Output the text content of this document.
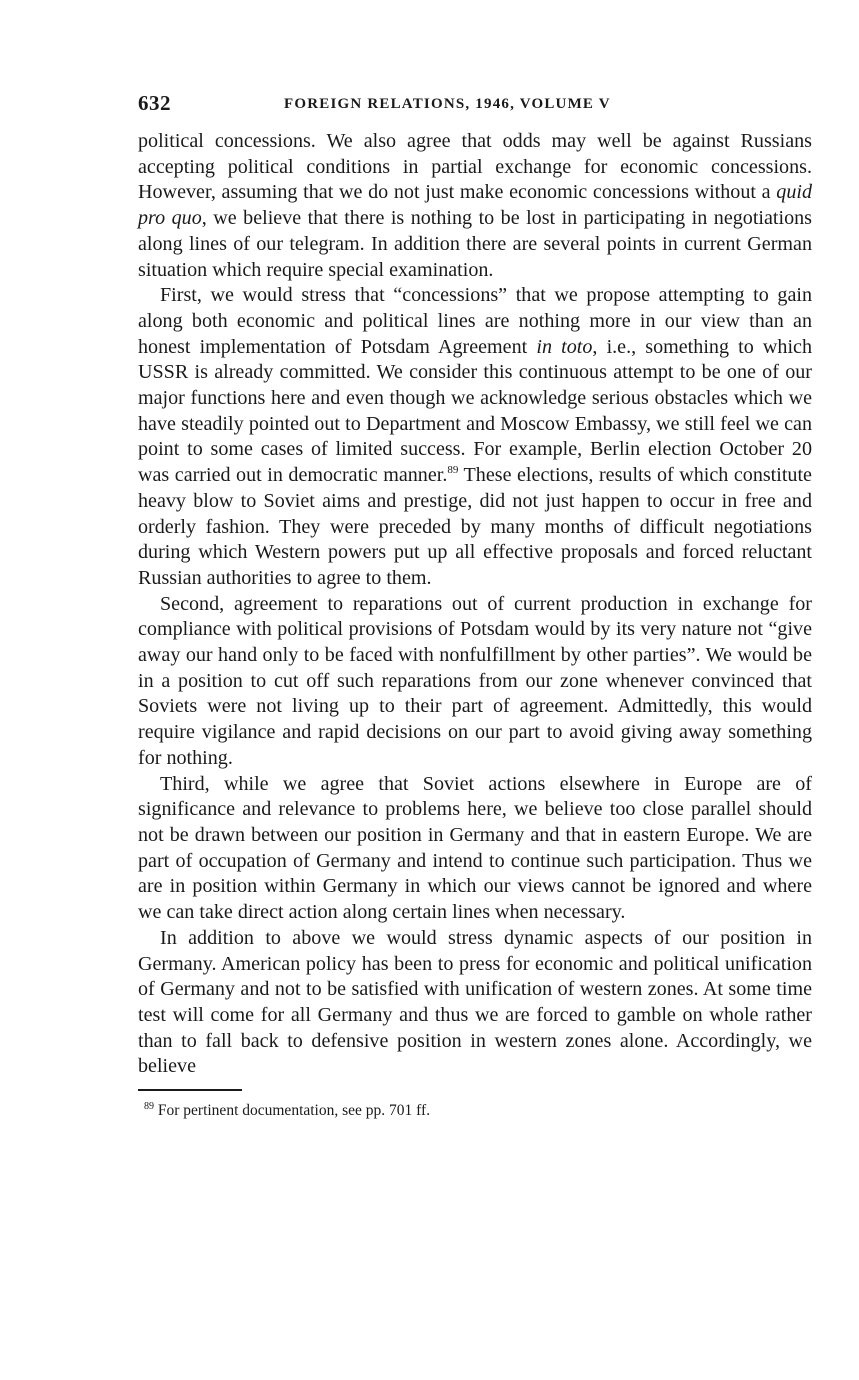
632	FOREIGN RELATIONS, 1946, VOLUME V

political concessions. We also agree that odds may well be against Russians accepting political conditions in partial exchange for economic concessions. However, assuming that we do not just make economic concessions without a quid pro quo, we believe that there is nothing to be lost in participating in negotiations along lines of our telegram. In addition there are several points in current German situation which require special examination.

First, we would stress that “concessions” that we propose attempting to gain along both economic and political lines are nothing more in our view than an honest implementation of Potsdam Agreement in toto, i.e., something to which USSR is already committed. We consider this continuous attempt to be one of our major functions here and even though we acknowledge serious obstacles which we have steadily pointed out to Department and Moscow Embassy, we still feel we can point to some cases of limited success. For example, Berlin election October 20 was carried out in democratic manner.$^{89}$ These elections, results of which constitute heavy blow to Soviet aims and prestige, did not just happen to occur in free and orderly fashion. They were preceded by many months of difficult negotiations during which Western powers put up all effective proposals and forced reluctant Russian authorities to agree to them.

Second, agreement to reparations out of current production in exchange for compliance with political provisions of Potsdam would by its very nature not “give away our hand only to be faced with nonfulfillment by other parties”. We would be in a position to cut off such reparations from our zone whenever convinced that Soviets were not living up to their part of agreement. Admittedly, this would require vigilance and rapid decisions on our part to avoid giving away something for nothing.

Third, while we agree that Soviet actions elsewhere in Europe are of significance and relevance to problems here, we believe too close parallel should not be drawn between our position in Germany and that in eastern Europe. We are part of occupation of Germany and intend to continue such participation. Thus we are in position within Germany in which our views cannot be ignored and where we can take direct action along certain lines when necessary.

In addition to above we would stress dynamic aspects of our position in Germany. American policy has been to press for economic and political unification of Germany and not to be satisfied with unification of western zones. At some time test will come for all Germany and thus we are forced to gamble on whole rather than to fall back to defensive position in western zones alone. Accordingly, we believe

$^{89}$ For pertinent documentation, see pp. 701 ff.
